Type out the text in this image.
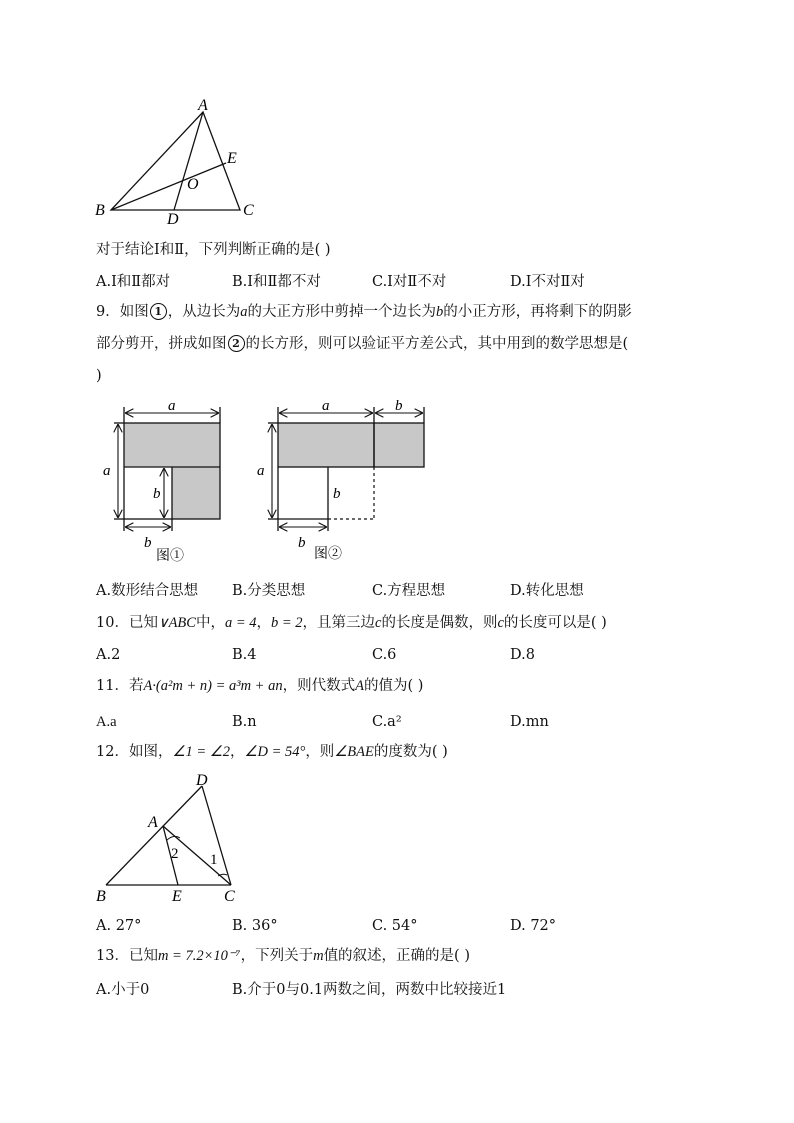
A
B	C
D
E
O
对于结论Ⅰ和Ⅱ，下列判断正确的是( )
A.Ⅰ和Ⅱ都对	B.Ⅰ和Ⅱ都不对	C.Ⅰ对Ⅱ不对	D.Ⅰ不对Ⅱ对
9．如图 1 ，从边长为a的大正方形中剪掉一个边长为b的小正方形，再将剩下的阴影
部分剪开，拼成如图 2 的长方形，则可以验证平方差公式，其中用到的数学思想是(
)
a
a
b
b
图①
a	b
a
b
b
图②
A.数形结合思想 B.分类思想	C.方程思想	D.转化思想
10．已知∨ABC中，a = 4，b = 2，且第三边c的长度是偶数，则c的长度可以是( )
A.2	B.4	C.6	D.8
11．若A·(a²m + n) = a³m + an，则代数式A的值为( )
A.a	B.n	C.a²	D.mn
12．如图，∠1 = ∠2，∠D = 54°，则∠BAE的度数为( )
D
A
B	E	C
2 1
A. 27°	B. 36°	C. 54°	D. 72°
13．已知m = 7.2×10⁻⁷，下列关于m值的叙述，正确的是( )
A.小于0	B.介于0与0.1两数之间，两数中比较接近1
